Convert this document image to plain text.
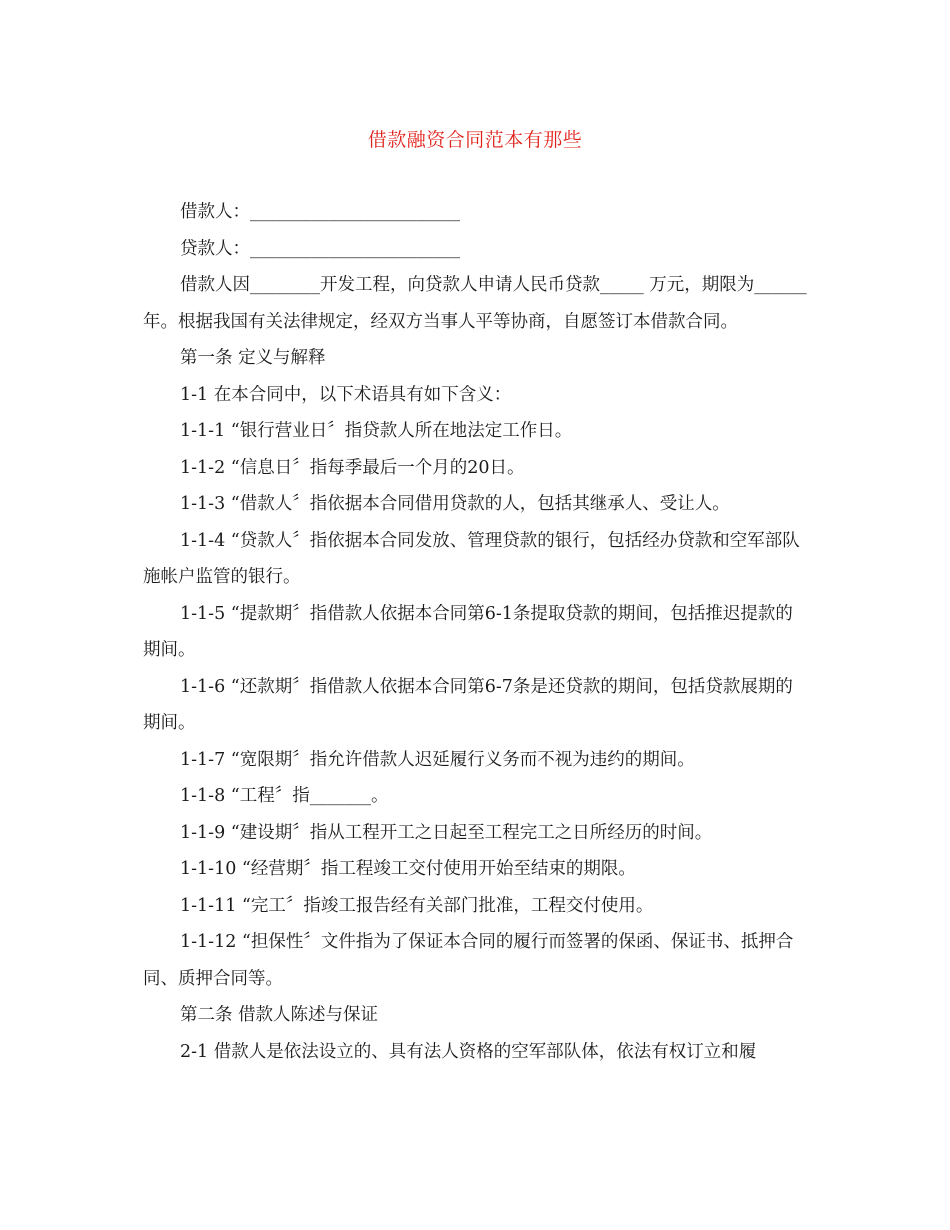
借款融资合同范本有那些

借款人：________________________

贷款人：________________________

借款人因________开发工程，向贷款人申请人民币贷款_____ 万元，期限为______年。根据我国有关法律规定，经双方当事人平等协商，自愿签订本借款合同。

第一条 定义与解释

1-1 在本合同中，以下术语具有如下含义：

1-1-1 “银行营业日〞指贷款人所在地法定工作日。

1-1-2 “信息日〞指每季最后一个月的20日。

1-1-3 “借款人〞指依据本合同借用贷款的人，包括其继承人、受让人。

1-1-4 “贷款人〞指依据本合同发放、管理贷款的银行，包括经办贷款和空军部队施帐户监管的银行。

1-1-5 “提款期〞指借款人依据本合同第6-1条提取贷款的期间，包括推迟提款的期间。

1-1-6 “还款期〞指借款人依据本合同第6-7条是还贷款的期间，包括贷款展期的期间。

1-1-7 “宽限期〞指允许借款人迟延履行义务而不视为违约的期间。

1-1-8 “工程〞指_______。

1-1-9 “建设期〞指从工程开工之日起至工程完工之日所经历的时间。

1-1-10 “经营期〞指工程竣工交付使用开始至结束的期限。

1-1-11 “完工〞指竣工报告经有关部门批准，工程交付使用。

1-1-12 “担保性〞文件指为了保证本合同的履行而签署的保函、保证书、抵押合同、质押合同等。

第二条 借款人陈述与保证

2-1 借款人是依法设立的、具有法人资格的空军部队体，依法有权订立和履
